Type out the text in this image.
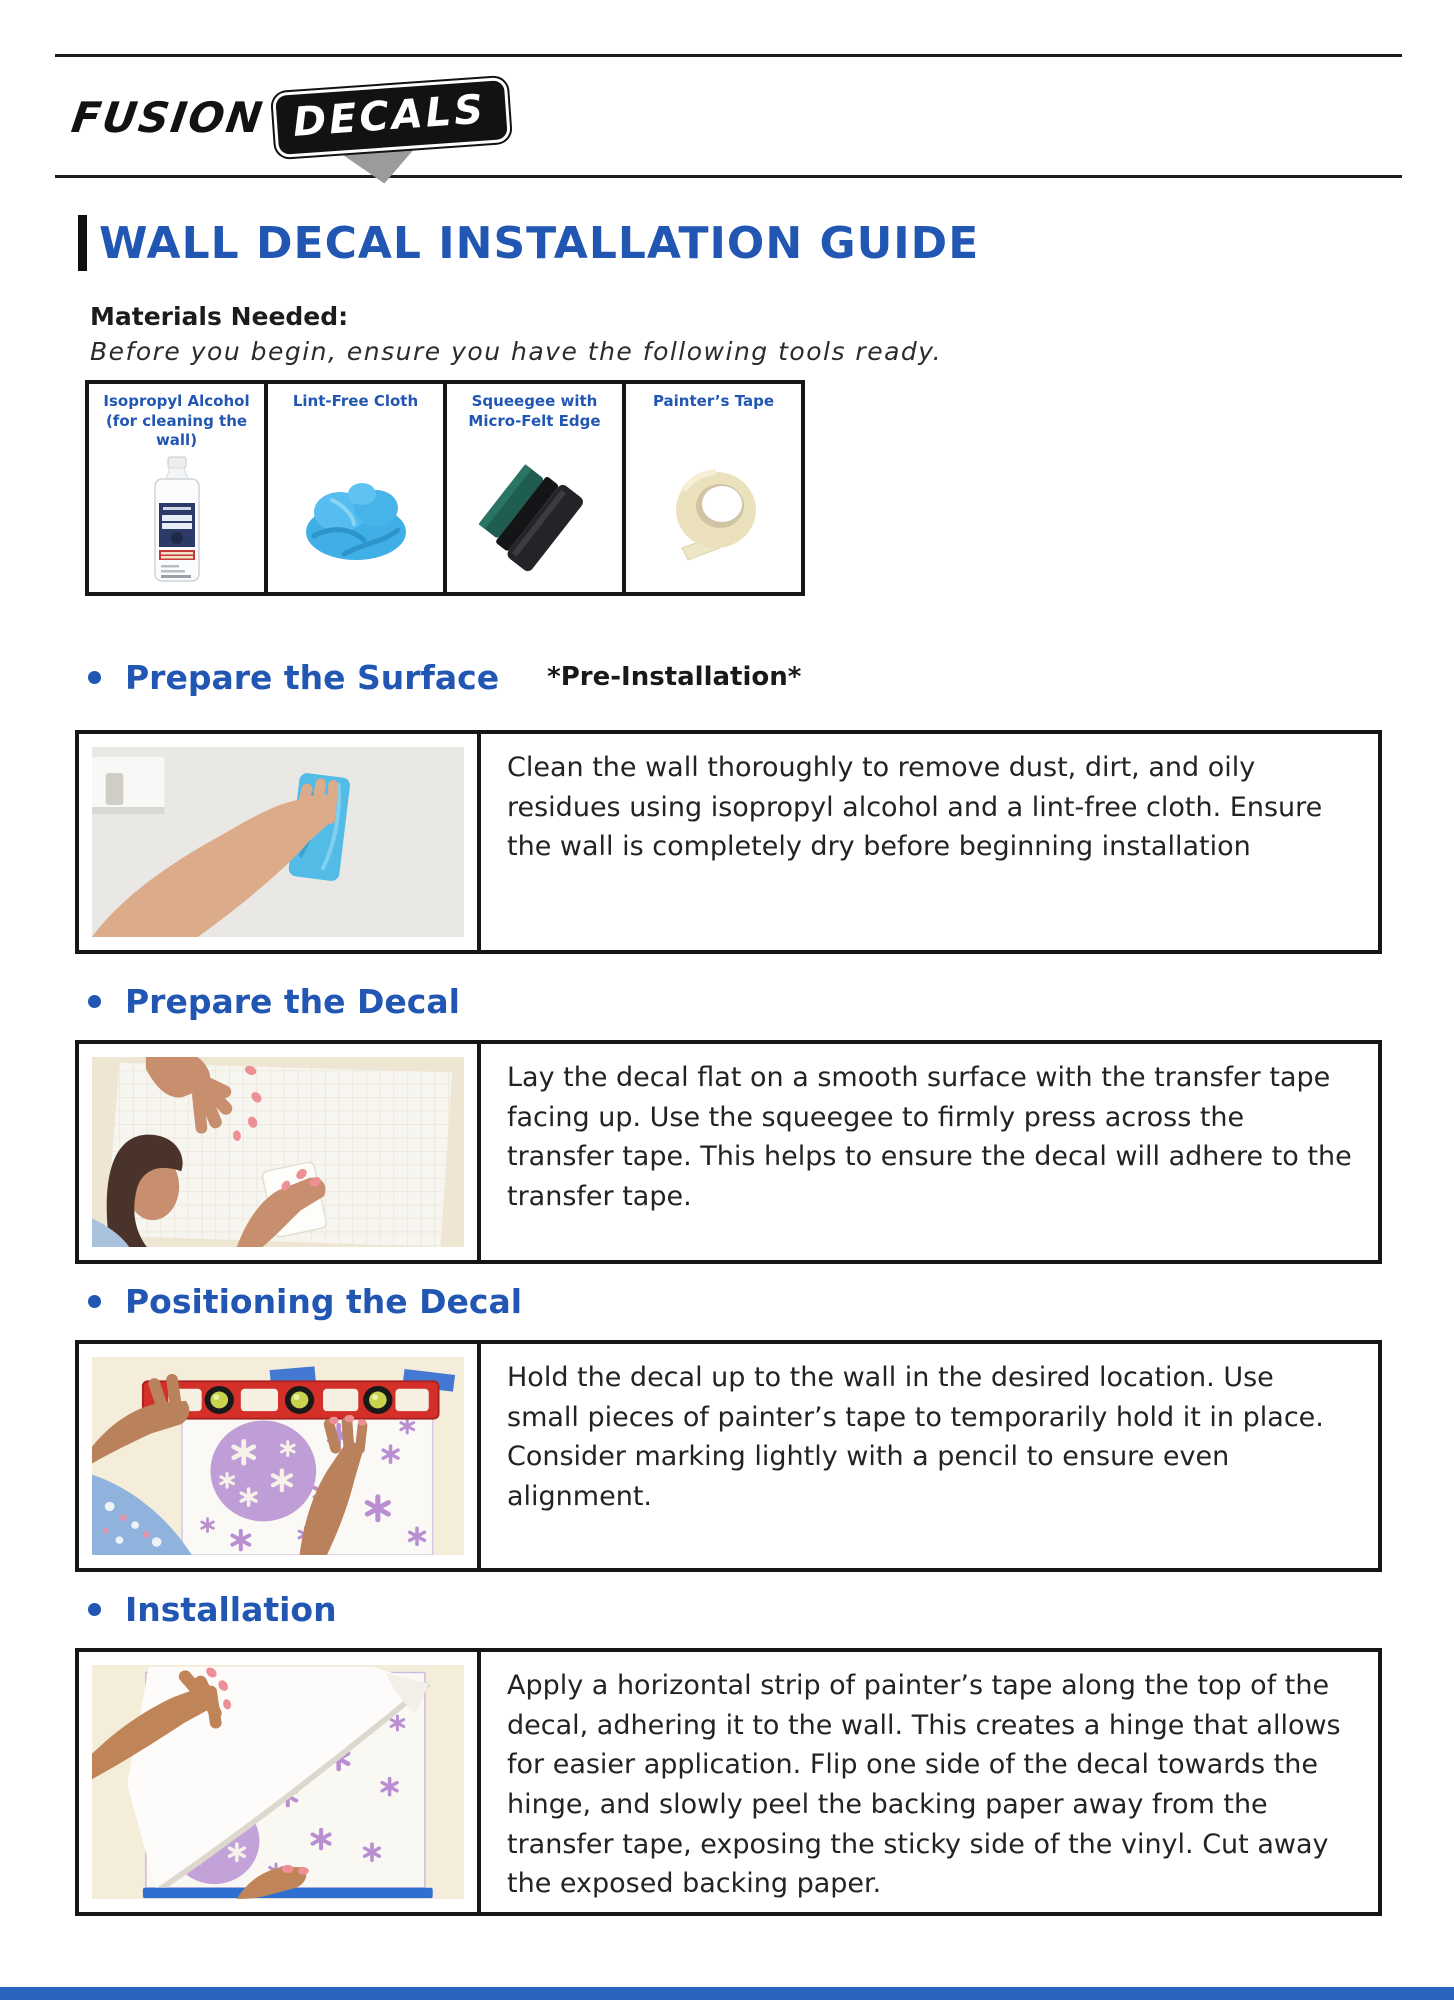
FUSION DECALS
WALL DECAL INSTALLATION GUIDE
Materials Needed:
Before you begin, ensure you have the following tools ready.
Isopropyl Alcohol (for cleaning the wall)

Lint-Free Cloth	Squeegee with Micro-Felt Edge

Painter’s Tape
Prepare the Surface *Pre-Installation*
Clean the wall thoroughly to remove dust, dirt, and oily residues using isopropyl alcohol and a lint-free cloth. Ensure the wall is completely dry before beginning installation
Prepare the Decal
Lay the decal flat on a smooth surface with the transfer tape facing up. Use the squeegee to firmly press across the transfer tape. This helps to ensure the decal will adhere to the transfer tape.
Positioning the Decal
Hold the decal up to the wall in the desired location. Use small pieces of painter’s tape to temporarily hold it in place. Consider marking lightly with a pencil to ensure even alignment.
Installation
Apply a horizontal strip of painter’s tape along the top of the decal, adhering it to the wall. This creates a hinge that allows for easier application. Flip one side of the decal towards the hinge, and slowly peel the backing paper away from the transfer tape, exposing the sticky side of the vinyl. Cut away the exposed backing paper.
